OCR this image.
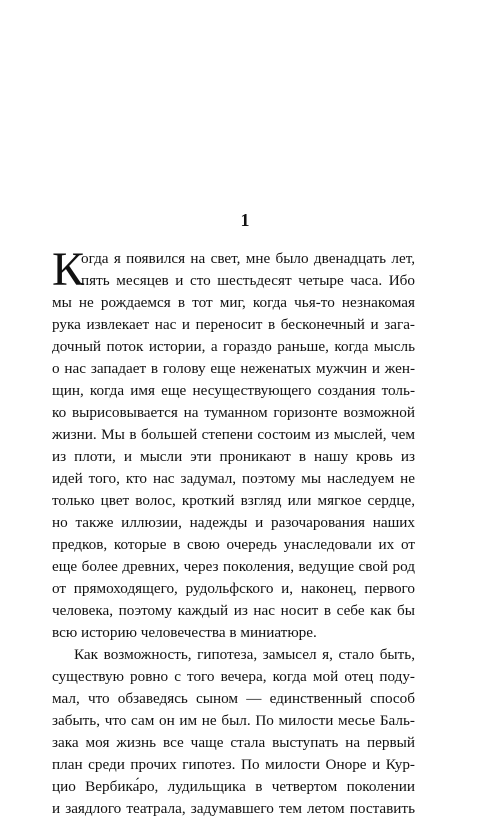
1
К
огда я появился на свет, мне было двенадцать лет,
пять месяцев и сто шестьдесят четыре часа. Ибо
мы не рождаемся в тот миг, когда чья-то незнакомая
рука извлекает нас и переносит в бесконечный и зага-
дочный поток истории, а гораздо раньше, когда мысль
о нас западает в голову еще неженатых мужчин и жен-
щин, когда имя еще несуществующего создания толь-
ко вырисовывается на туманном горизонте возможной
жизни. Мы в большей степени состоим из мыслей, чем
из плоти, и мысли эти проникают в нашу кровь из
идей того, кто нас задумал, поэтому мы наследуем не
только цвет волос, кроткий взгляд или мягкое сердце,
но также иллюзии, надежды и разочарования наших
предков, которые в свою очередь унаследовали их от
еще более древних, через поколения, ведущие свой род
от прямоходящего, рудольфского и, наконец, первого
человека, поэтому каждый из нас носит в себе как бы
всю историю человечества в миниатюре.
Как возможность, гипотеза, замысел я, стало быть,
существую ровно с того вечера, когда мой отец поду-
мал, что обзаведясь сыном — единственный способ
забыть, что сам он им не был. По милости месье Баль-
зака моя жизнь все чаще стала выступать на первый
план среди прочих гипотез. По милости Оноре и Кур-
цио Вербика́ро, лудильщика в четвертом поколении
и заядлого театрала, задумавшего тем летом поставить
